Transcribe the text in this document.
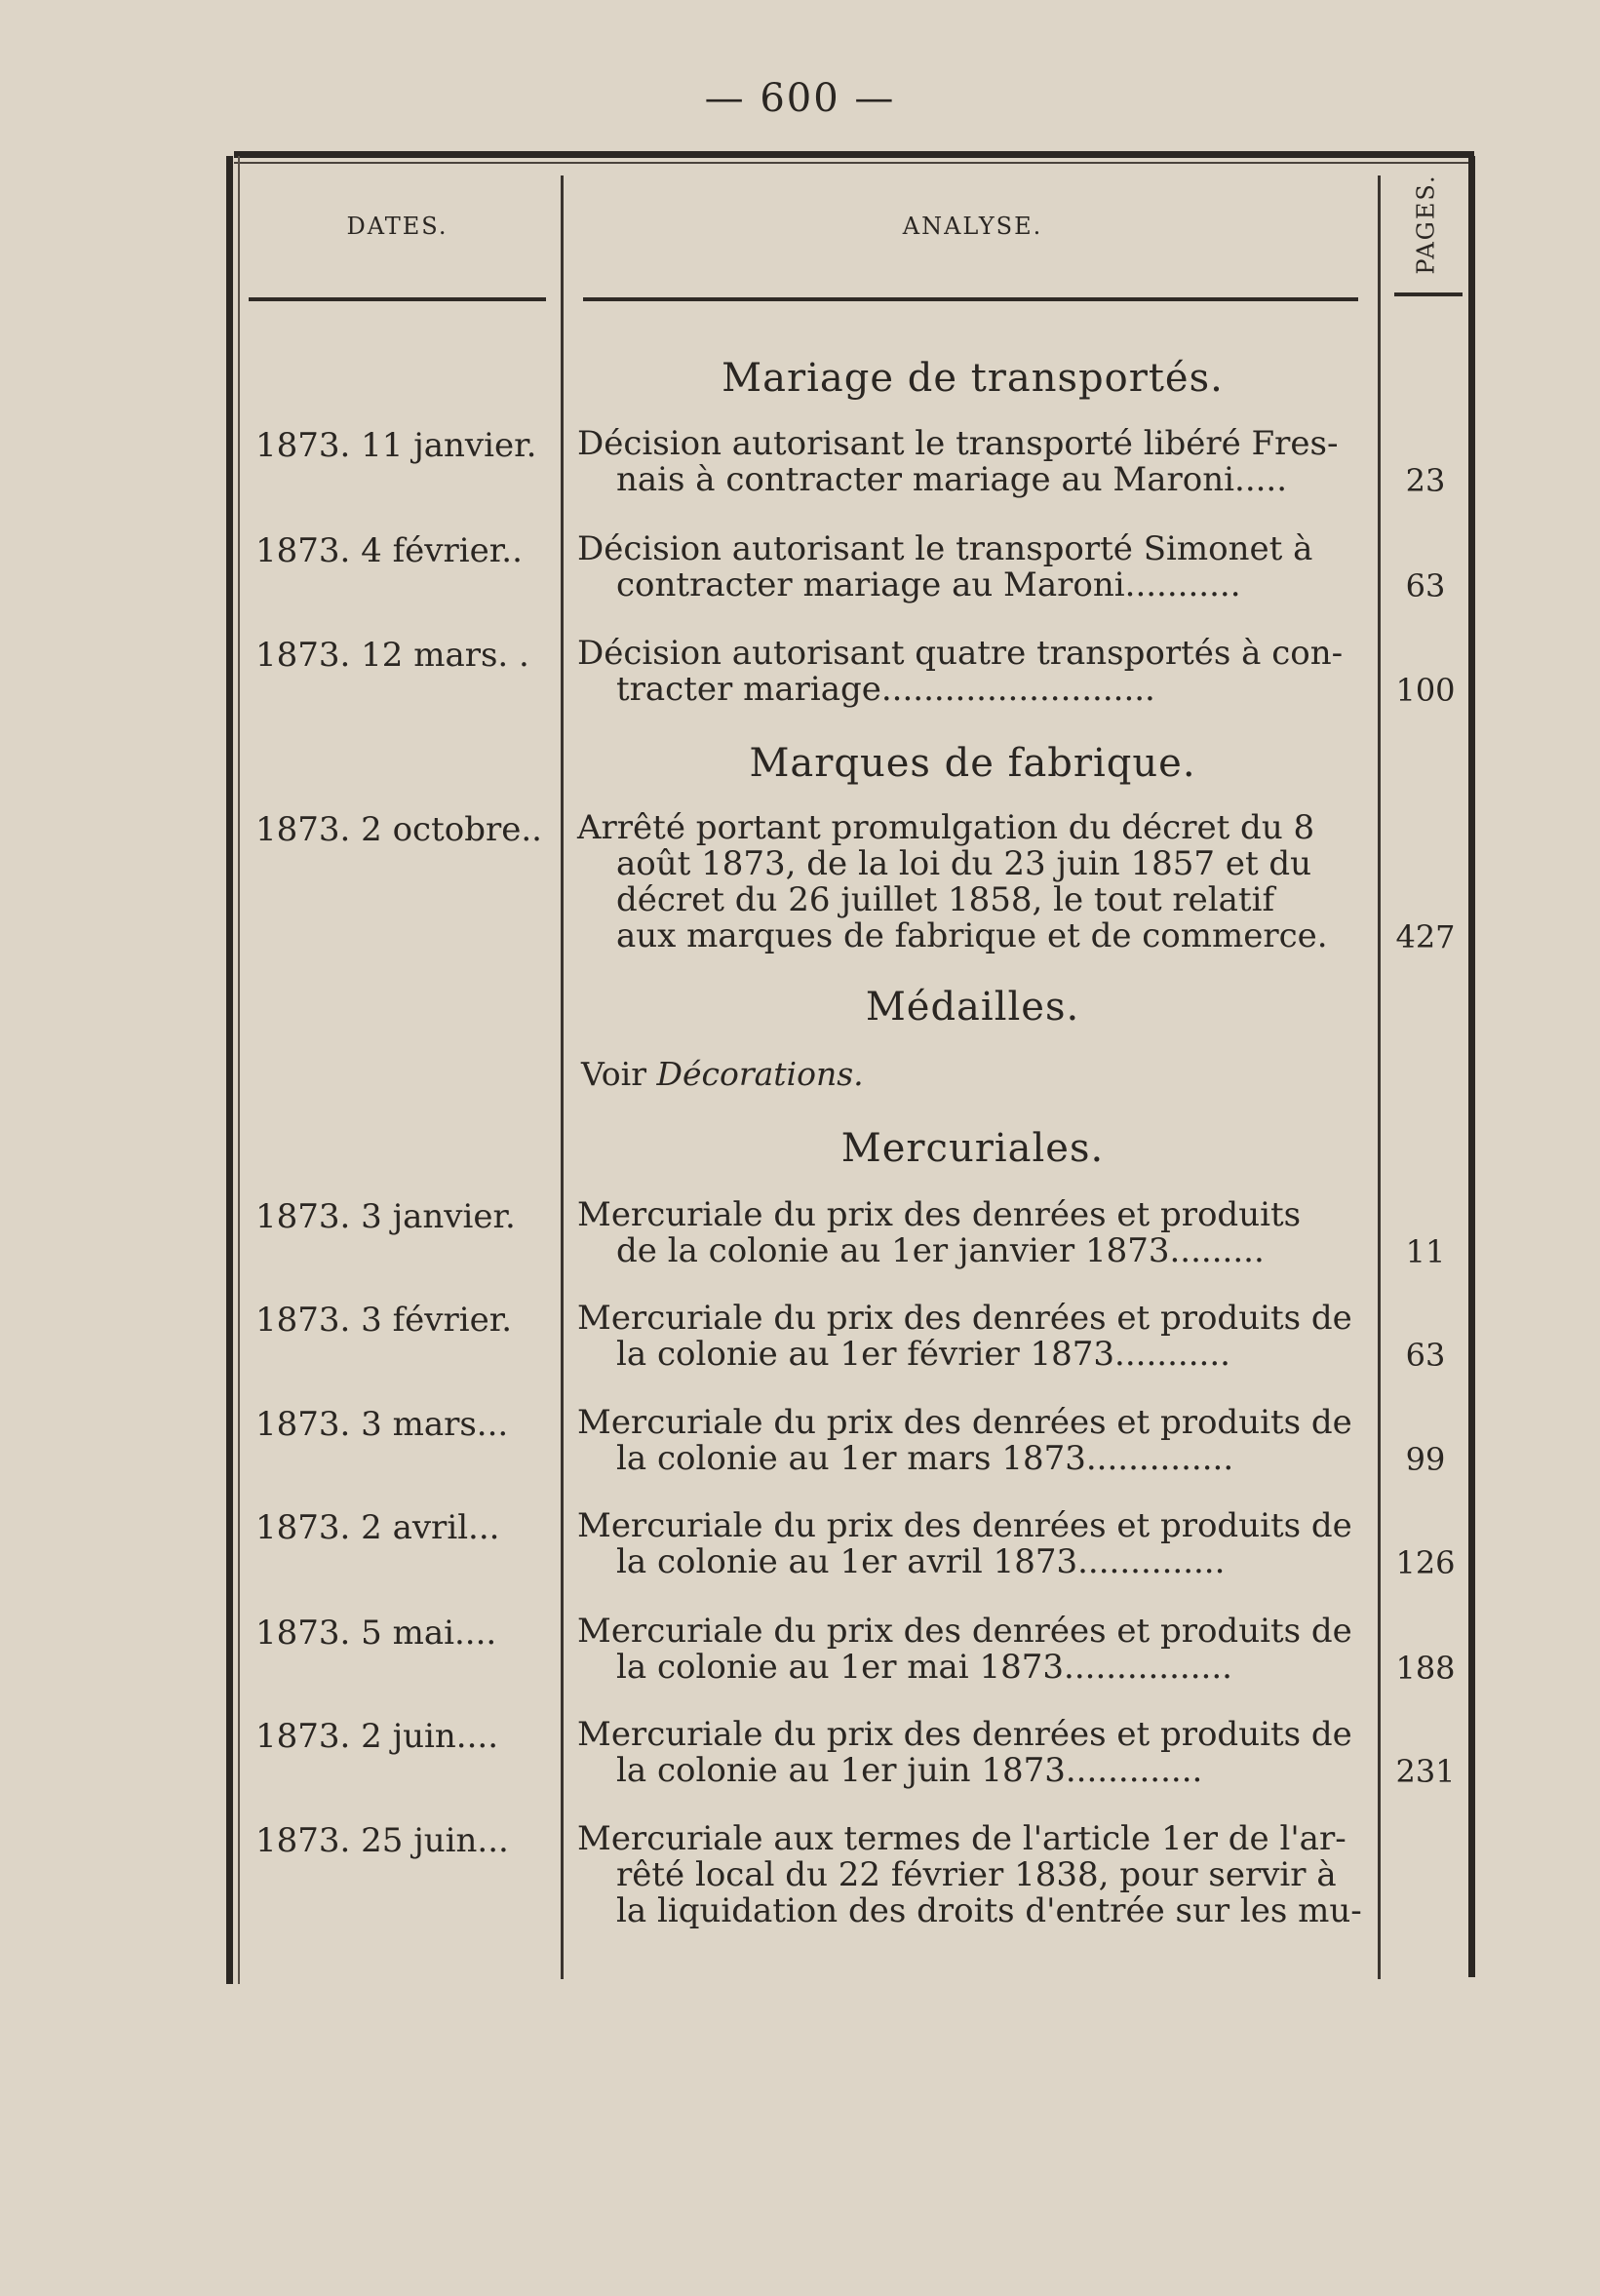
— 600 —
DATES.	ANALYSE.	PAGES.
Mariage de transportés.
1873. 11 janvier.	Décision autorisant le transporté libéré Fres-
nais à contracter mariage au Maroni.....	23
1873. 4 février..	Décision autorisant le transporté Simonet à
contracter mariage au Maroni...........	63
1873. 12 mars. .	Décision autorisant quatre transportés à con-
tracter mariage..........................	100
Marques de fabrique.
1873. 2 octobre..	Arrêté portant promulgation du décret du 8
août 1873, de la loi du 23 juin 1857 et du
décret du 26 juillet 1858, le tout relatif
aux marques de fabrique et de commerce.	427
Médailles.
Voir Décorations.
Mercuriales.
1873. 3 janvier.	Mercuriale du prix des denrées et produits
de la colonie au 1er janvier 1873.........	11
1873. 3 février.	Mercuriale du prix des denrées et produits de
la colonie au 1er février 1873...........	63
1873. 3 mars...	Mercuriale du prix des denrées et produits de
la colonie au 1er mars 1873..............	99
1873. 2 avril...	Mercuriale du prix des denrées et produits de
la colonie au 1er avril 1873..............	126
1873. 5 mai....	Mercuriale du prix des denrées et produits de
la colonie au 1er mai 1873................	188
1873. 2 juin....	Mercuriale du prix des denrées et produits de
la colonie au 1er juin 1873.............	231
1873. 25 juin...	Mercuriale aux termes de l'article 1er de l'ar-
rêté local du 22 février 1838, pour servir à
la liquidation des droits d'entrée sur les mu-
